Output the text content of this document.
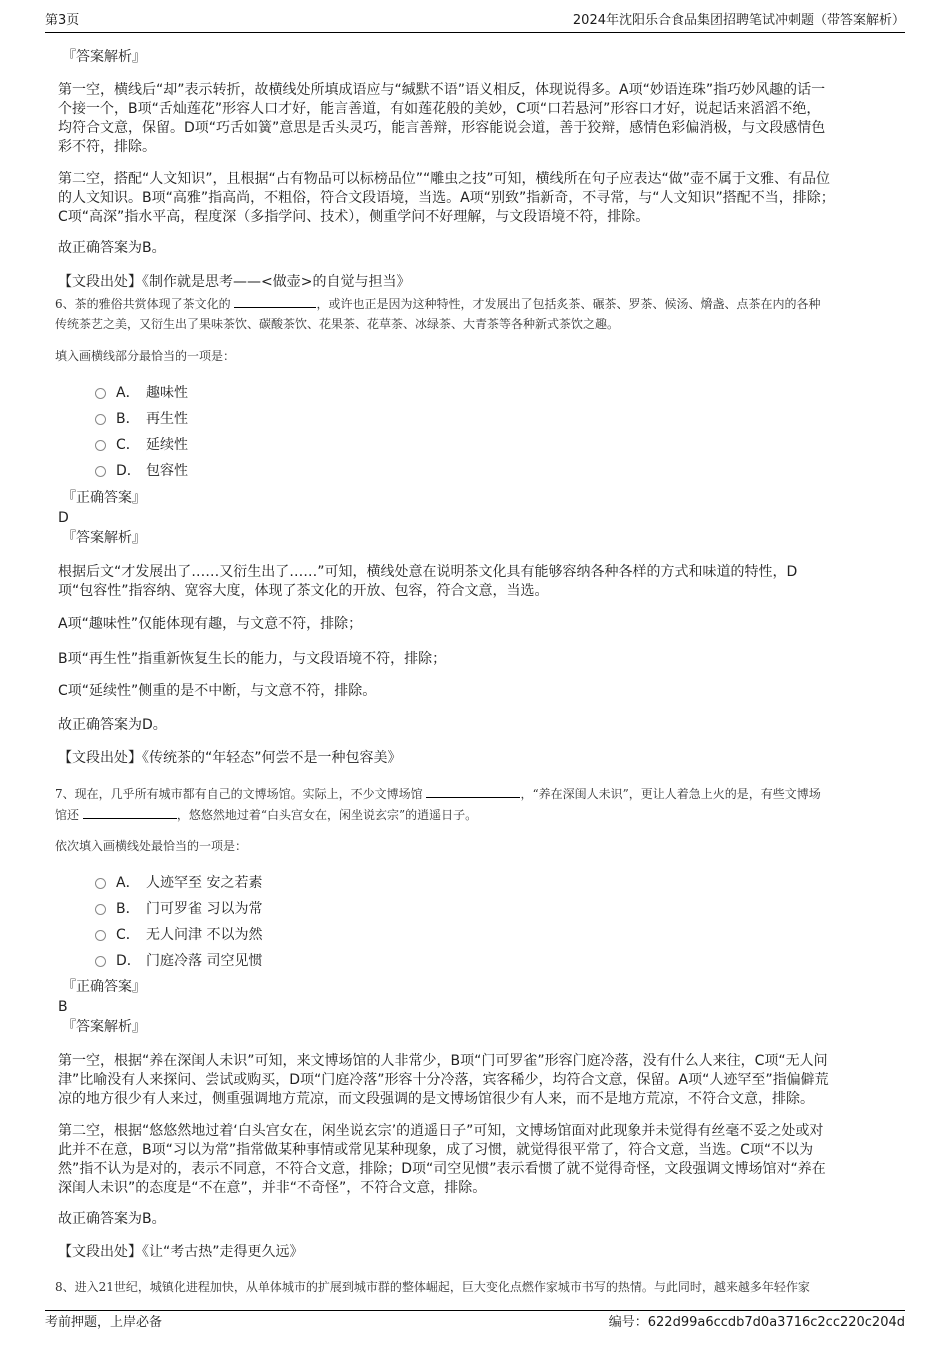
第3页	2024年沈阳乐合食品集团招聘笔试冲刺题（带答案解析）
『答案解析』
第一空，横线后“却”表示转折，故横线处所填成语应与“缄默不语”语义相反，体现说得多。A项“妙语连珠”指巧妙风趣的话一
个接一个，B项“舌灿莲花”形容人口才好，能言善道，有如莲花般的美妙，C项“口若悬河”形容口才好，说起话来滔滔不绝，
均符合文意，保留。D项“巧舌如簧”意思是舌头灵巧，能言善辩，形容能说会道，善于狡辩，感情色彩偏消极，与文段感情色
彩不符，排除。
第二空，搭配“人文知识”，且根据“占有物品可以标榜品位”“雕虫之技”可知，横线所在句子应表达“做”壶不属于文雅、有品位
的人文知识。B项“高雅”指高尚，不粗俗，符合文段语境，当选。A项“别致”指新奇，不寻常，与“人文知识”搭配不当，排除；
C项“高深”指水平高，程度深（多指学问、技术），侧重学问不好理解，与文段语境不符，排除。
故正确答案为B。
【文段出处】《制作就是思考——<做壶>的自觉与担当》
6、茶的雅俗共赏体现了茶文化的	，或许也正是因为这种特性，才发展出了包括炙茶、碾茶、罗茶、候汤、熁盏、点茶在内的各种
传统茶艺之美，又衍生出了果味茶饮、碳酸茶饮、花果茶、花草茶、冰绿茶、大青茶等各种新式茶饮之趣。
填入画横线部分最恰当的一项是：
A． 趣味性
B． 再生性
C． 延续性
D． 包容性
『正确答案』
D
『答案解析』
根据后文“才发展出了……又衍生出了……”可知，横线处意在说明茶文化具有能够容纳各种各样的方式和味道的特性，D
项“包容性”指容纳、宽容大度，体现了茶文化的开放、包容，符合文意，当选。
A项“趣味性”仅能体现有趣，与文意不符，排除；
B项“再生性”指重新恢复生长的能力，与文段语境不符，排除；
C项“延续性”侧重的是不中断，与文意不符，排除。
故正确答案为D。
【文段出处】《传统茶的“年轻态”何尝不是一种包容美》
7、现在，几乎所有城市都有自己的文博场馆。实际上，不少文博场馆	，“养在深闺人未识”，更让人着急上火的是，有些文博场
馆还	，悠悠然地过着“白头宫女在，闲坐说玄宗”的逍遥日子。
依次填入画横线处最恰当的一项是：
A． 人迹罕至 安之若素
B． 门可罗雀 习以为常
C． 无人问津 不以为然
D． 门庭冷落 司空见惯
『正确答案』
B
『答案解析』
第一空，根据“养在深闺人未识”可知，来文博场馆的人非常少，B项“门可罗雀”形容门庭冷落，没有什么人来往，C项“无人问
津”比喻没有人来探问、尝试或购买，D项“门庭冷落”形容十分冷落，宾客稀少，均符合文意，保留。A项“人迹罕至”指偏僻荒
凉的地方很少有人来过，侧重强调地方荒凉，而文段强调的是文博场馆很少有人来，而不是地方荒凉，不符合文意，排除。
第二空，根据“悠悠然地过着‘白头宫女在，闲坐说玄宗’的逍遥日子”可知，文博场馆面对此现象并未觉得有丝毫不妥之处或对
此并不在意，B项“习以为常”指常做某种事情或常见某种现象，成了习惯，就觉得很平常了，符合文意，当选。C项“不以为
然”指不认为是对的，表示不同意，不符合文意，排除；D项“司空见惯”表示看惯了就不觉得奇怪，文段强调文博场馆对“养在
深闺人未识”的态度是“不在意”，并非“不奇怪”，不符合文意，排除。
故正确答案为B。
【文段出处】《让“考古热”走得更久远》
8、进入21世纪，城镇化进程加快，从单体城市的扩展到城市群的整体崛起，巨大变化点燃作家城市书写的热情。与此同时，越来越多年轻作家
考前押题，上岸必备	编号：622d99a6ccdb7d0a3716c2cc220c204d
